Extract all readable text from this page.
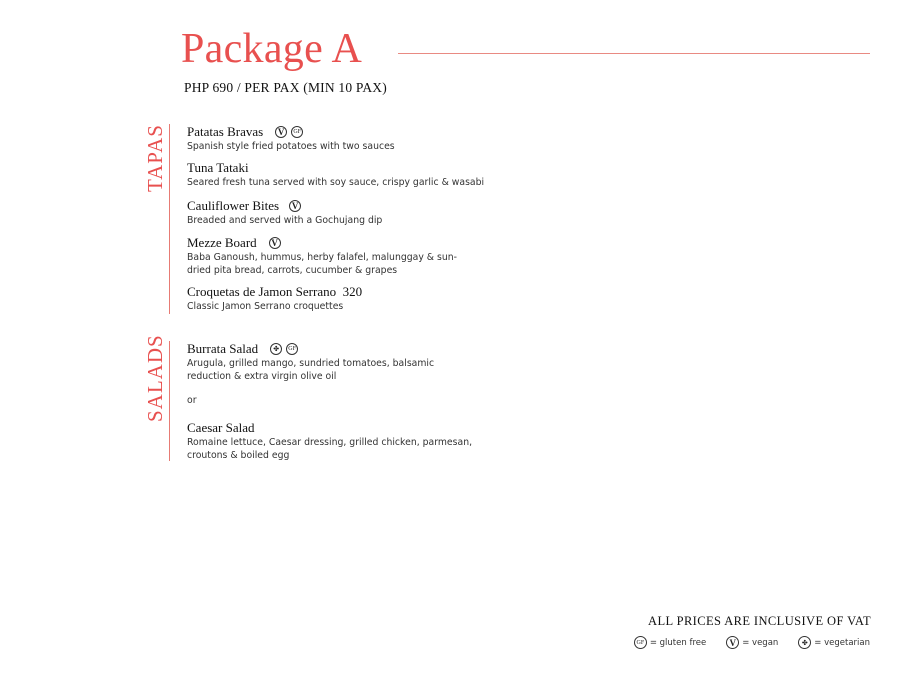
Package A
PHP 690 / PER PAX (MIN 10 PAX)
TAPAS Patatas Bravas	V	GF
Spanish style fried potatoes with two sauces
Tuna Tataki
Seared fresh tuna served with soy sauce, crispy garlic & wasabi
Cauliflower Bites	V
Breaded and served with a Gochujang dip
Mezze Board	V
Baba Ganoush, hummus, herby falafel, malunggay & sun-dried pita bread, carrots, cucumber & grapes
Croquetas de Jamon Serrano  320
Classic Jamon Serrano croquettes
SALADS Burrata Salad	✤	GF
Arugula, grilled mango, sundried tomatoes, balsamic reduction & extra virgin olive oil
or
Caesar Salad
Romaine lettuce, Caesar dressing, grilled chicken, parmesan, croutons & boiled egg
ALL PRICES ARE INCLUSIVE OF VAT
GF = gluten free	V = vegan	✤ = vegetarian
